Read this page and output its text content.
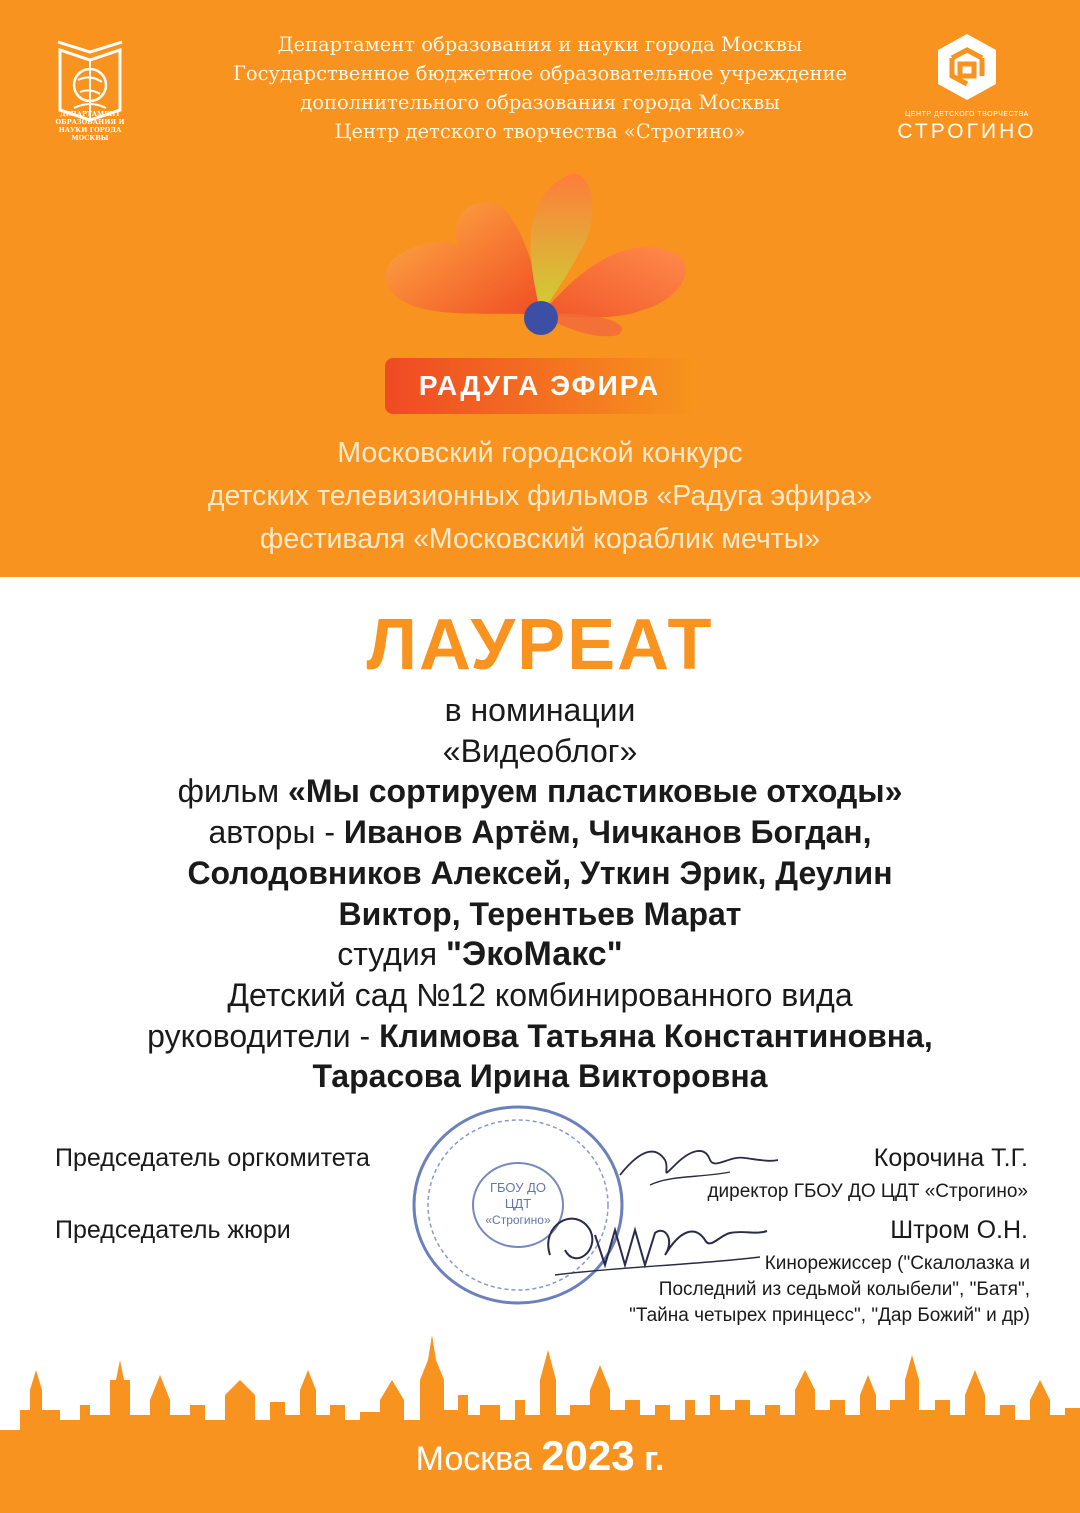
ДЕПАРТАМЕНТ ОБРАЗОВАНИЯ И НАУКИ ГОРОДА МОСКВЫ
Департамент образования и науки города Москвы
Государственное бюджетное образовательное учреждение
дополнительного образования города Москвы
Центр детского творчества «Строгино»
ЦЕНТР ДЕТСКОГО ТВОРЧЕСТВА
СТРОГИНО
РАДУГА ЭФИРА
Московский городской конкурс
детских телевизионных фильмов «Радуга эфира»
фестиваля «Московский кораблик мечты»
ЛАУРЕАТ
в номинации
«Видеоблог»
фильм «Мы сортируем пластиковые отходы»
авторы - Иванов Артём, Чичканов Богдан,
Солодовников Алексей, Уткин Эрик, Деулин
Виктор, Терентьев Марат
студия "ЭкоМакс"
Детский сад №12 комбинированного вида
руководители - Климова Татьяна Константиновна,
Тарасова Ирина Викторовна
ГБОУ ДО
ЦДТ
«Строгино»
Председатель оргкомитета
Председатель жюри
Корочина Т.Г.
директор ГБОУ ДО ЦДТ «Строгино»
Штром О.Н.
Кинорежиссер ("Скалолазка и
Последний из седьмой колыбели", "Батя",
"Тайна четырех принцесс", "Дар Божий" и др)
Москва 2023 г.
